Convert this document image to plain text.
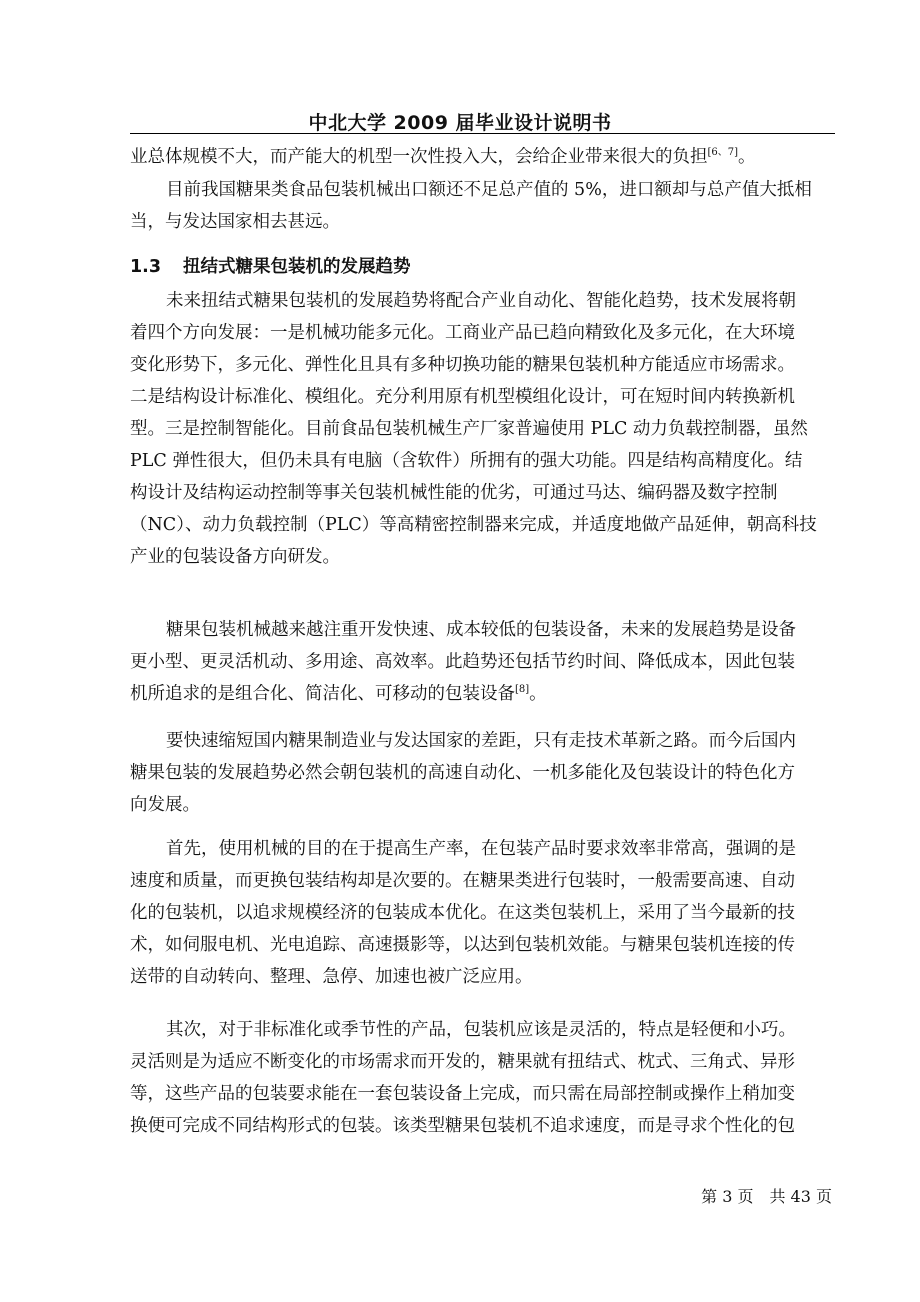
中北大学 2009 届毕业设计说明书
业总体规模不大，而产能大的机型一次性投入大，会给企业带来很大的负担[6、7]。
目前我国糖果类食品包装机械出口额还不足总产值的 5%，进口额却与总产值大抵相
当，与发达国家相去甚远。
1.3 扭结式糖果包装机的发展趋势
未来扭结式糖果包装机的发展趋势将配合产业自动化、智能化趋势，技术发展将朝
着四个方向发展：一是机械功能多元化。工商业产品已趋向精致化及多元化，在大环境
变化形势下，多元化、弹性化且具有多种切换功能的糖果包装机种方能适应市场需求。
二是结构设计标准化、模组化。充分利用原有机型模组化设计，可在短时间内转换新机
型。三是控制智能化。目前食品包装机械生产厂家普遍使用 PLC 动力负载控制器，虽然
PLC 弹性很大，但仍未具有电脑（含软件）所拥有的强大功能。四是结构高精度化。结
构设计及结构运动控制等事关包装机械性能的优劣，可通过马达、编码器及数字控制
（NC）、动力负载控制（PLC）等高精密控制器来完成，并适度地做产品延伸，朝高科技
产业的包装设备方向研发。
糖果包装机械越来越注重开发快速、成本较低的包装设备，未来的发展趋势是设备
更小型、更灵活机动、多用途、高效率。此趋势还包括节约时间、降低成本，因此包装
机所追求的是组合化、简洁化、可移动的包装设备[8]。
要快速缩短国内糖果制造业与发达国家的差距，只有走技术革新之路。而今后国内
糖果包装的发展趋势必然会朝包装机的高速自动化、一机多能化及包装设计的特色化方
向发展。
首先，使用机械的目的在于提高生产率，在包装产品时要求效率非常高，强调的是
速度和质量，而更换包装结构却是次要的。在糖果类进行包装时，一般需要高速、自动
化的包装机，以追求规模经济的包装成本优化。在这类包装机上，采用了当今最新的技
术，如伺服电机、光电追踪、高速摄影等，以达到包装机效能。与糖果包装机连接的传
送带的自动转向、整理、急停、加速也被广泛应用。
其次，对于非标准化或季节性的产品，包装机应该是灵活的，特点是轻便和小巧。
灵活则是为适应不断变化的市场需求而开发的，糖果就有扭结式、枕式、三角式、异形
等，这些产品的包装要求能在一套包装设备上完成，而只需在局部控制或操作上稍加变
换便可完成不同结构形式的包装。该类型糖果包装机不追求速度，而是寻求个性化的包
第 3 页　共 43 页
